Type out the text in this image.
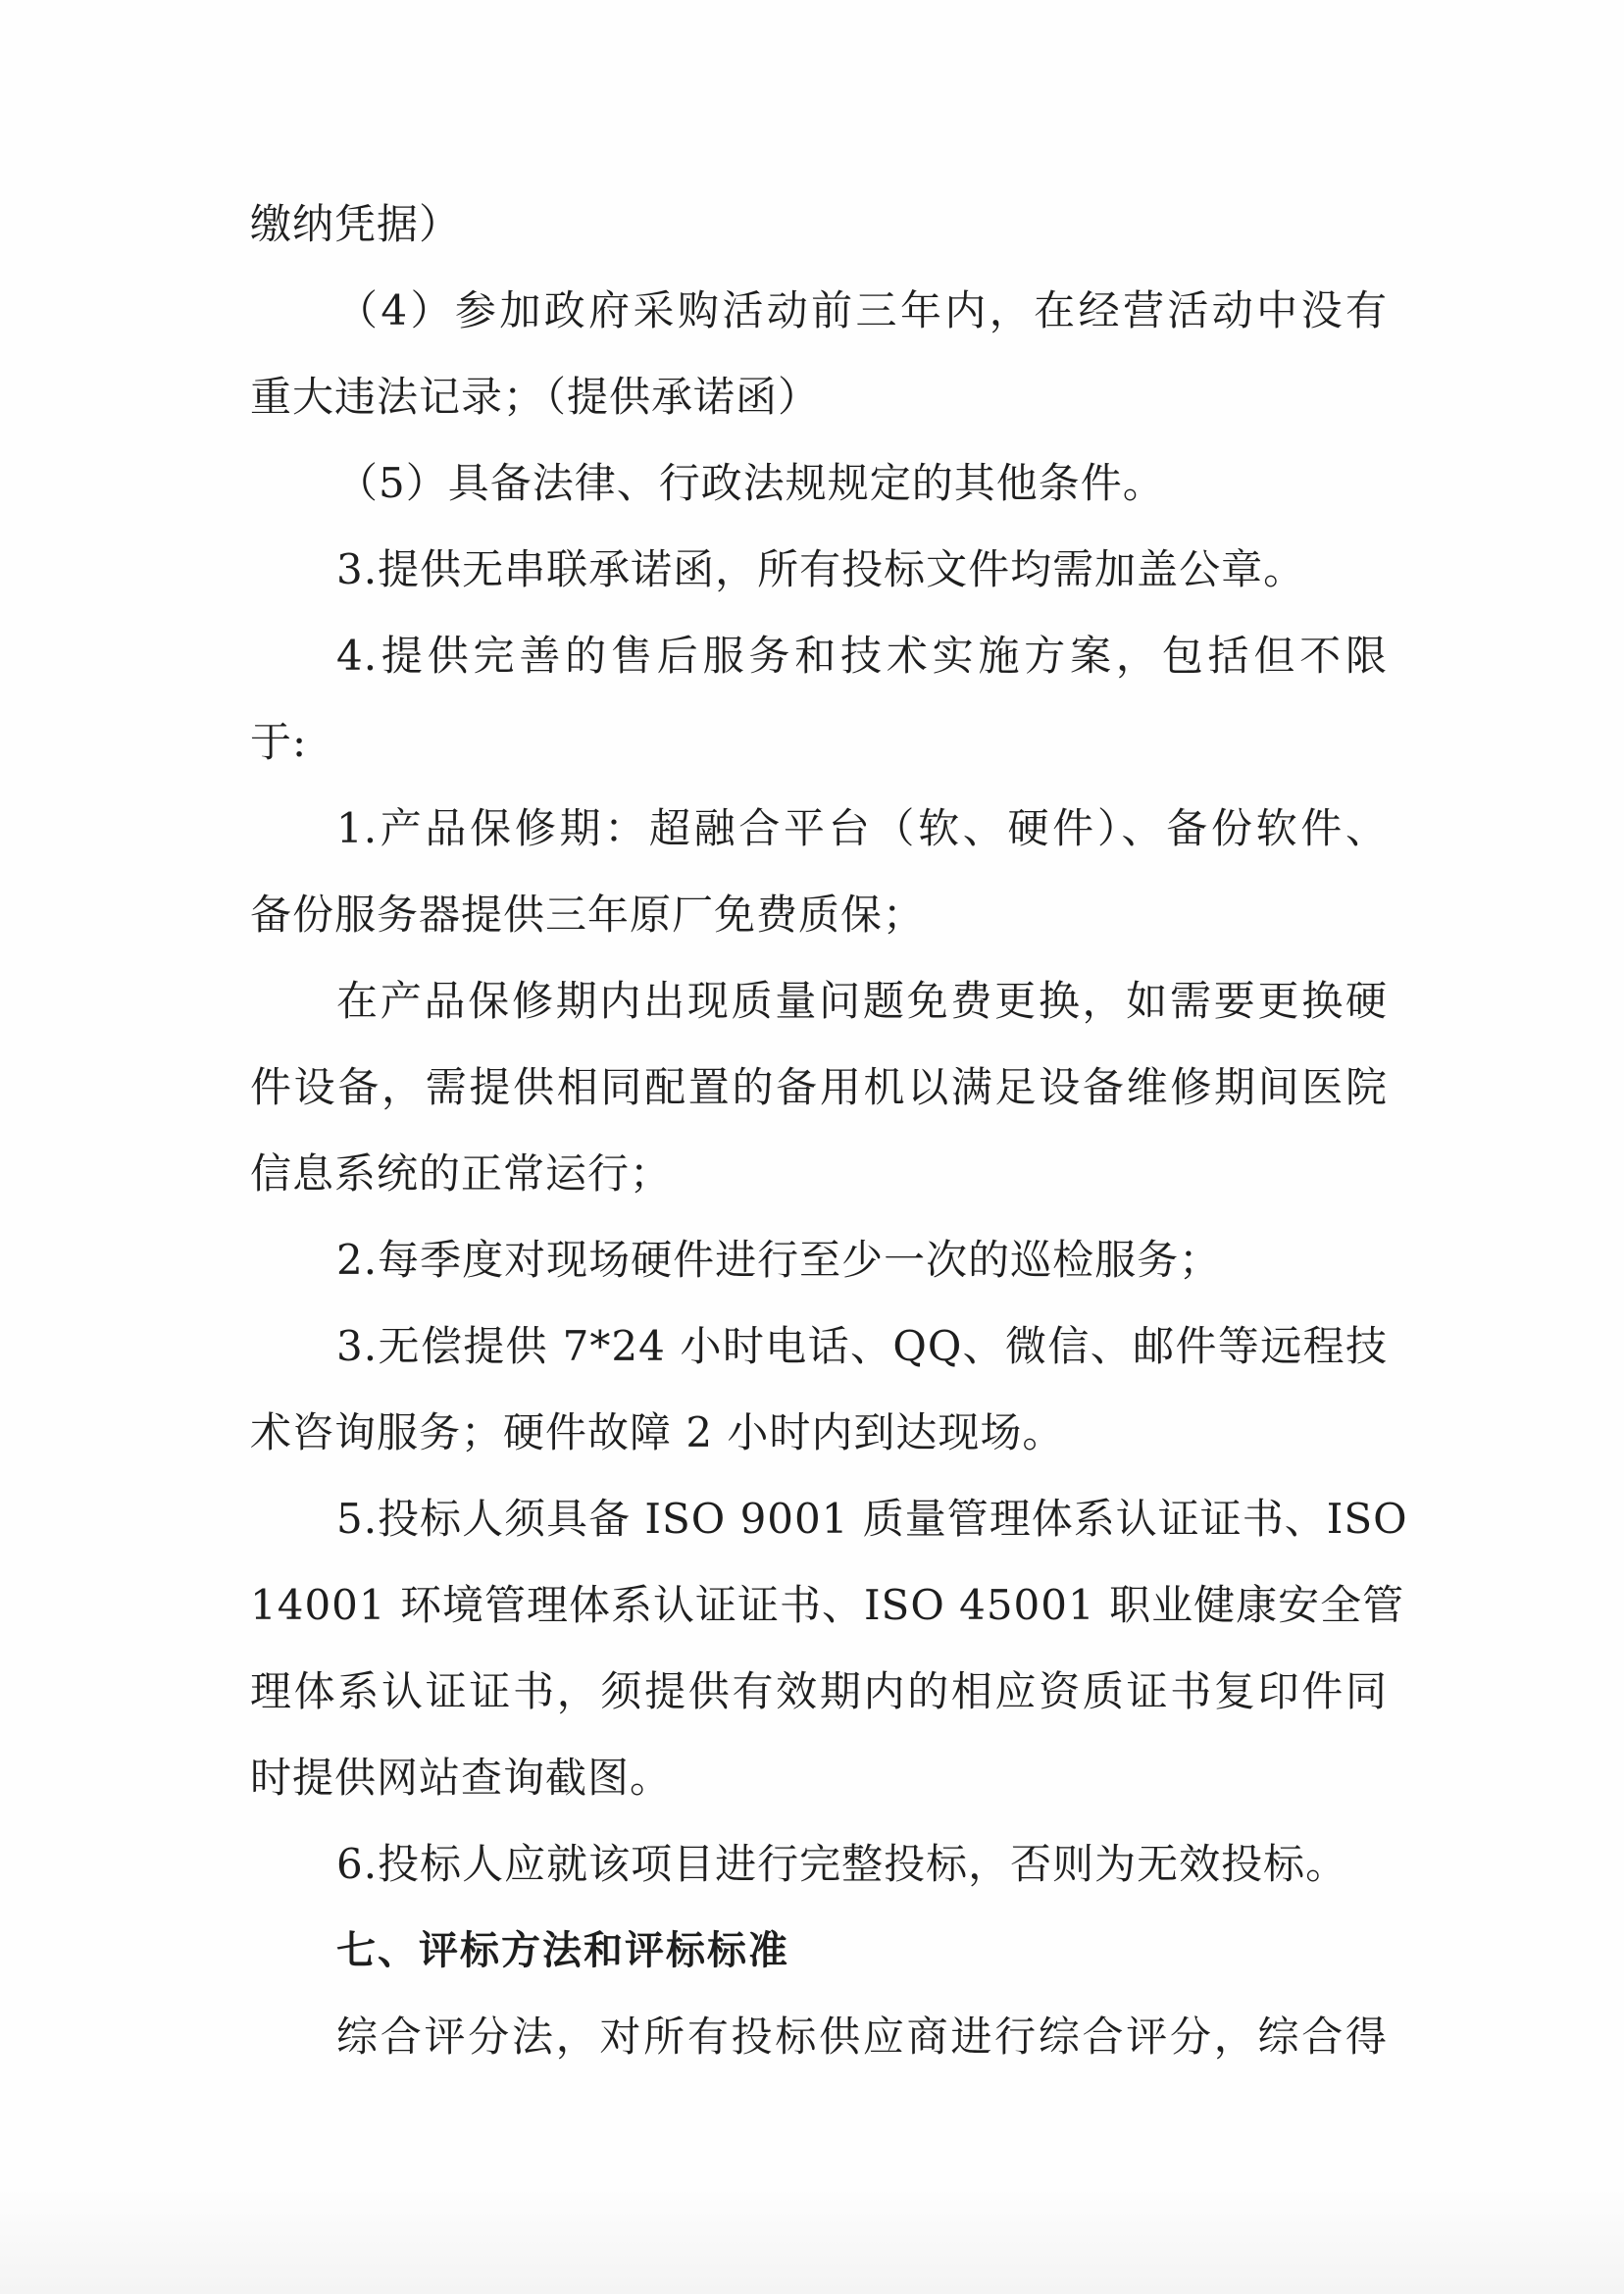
缴纳凭据）
（4）参加政府采购活动前三年内，在经营活动中没有
重大违法记录；（提供承诺函）
（5）具备法律、行政法规规定的其他条件。
3.提供无串联承诺函，所有投标文件均需加盖公章。
4.提供完善的售后服务和技术实施方案，包括但不限
于:
1.产品保修期：超融合平台（软、硬件）、备份软件、
备份服务器提供三年原厂免费质保；
在产品保修期内出现质量问题免费更换，如需要更换硬
件设备，需提供相同配置的备用机以满足设备维修期间医院
信息系统的正常运行；
2.每季度对现场硬件进行至少一次的巡检服务；
3.无偿提供 7*24 小时电话、QQ、微信、邮件等远程技
术咨询服务；硬件故障 2 小时内到达现场。
5.投标人须具备 ISO 9001 质量管理体系认证证书、ISO
14001 环境管理体系认证证书、ISO 45001 职业健康安全管
理体系认证证书，须提供有效期内的相应资质证书复印件同
时提供网站查询截图。
6.投标人应就该项目进行完整投标，否则为无效投标。
七、评标方法和评标标准
综合评分法，对所有投标供应商进行综合评分，综合得
